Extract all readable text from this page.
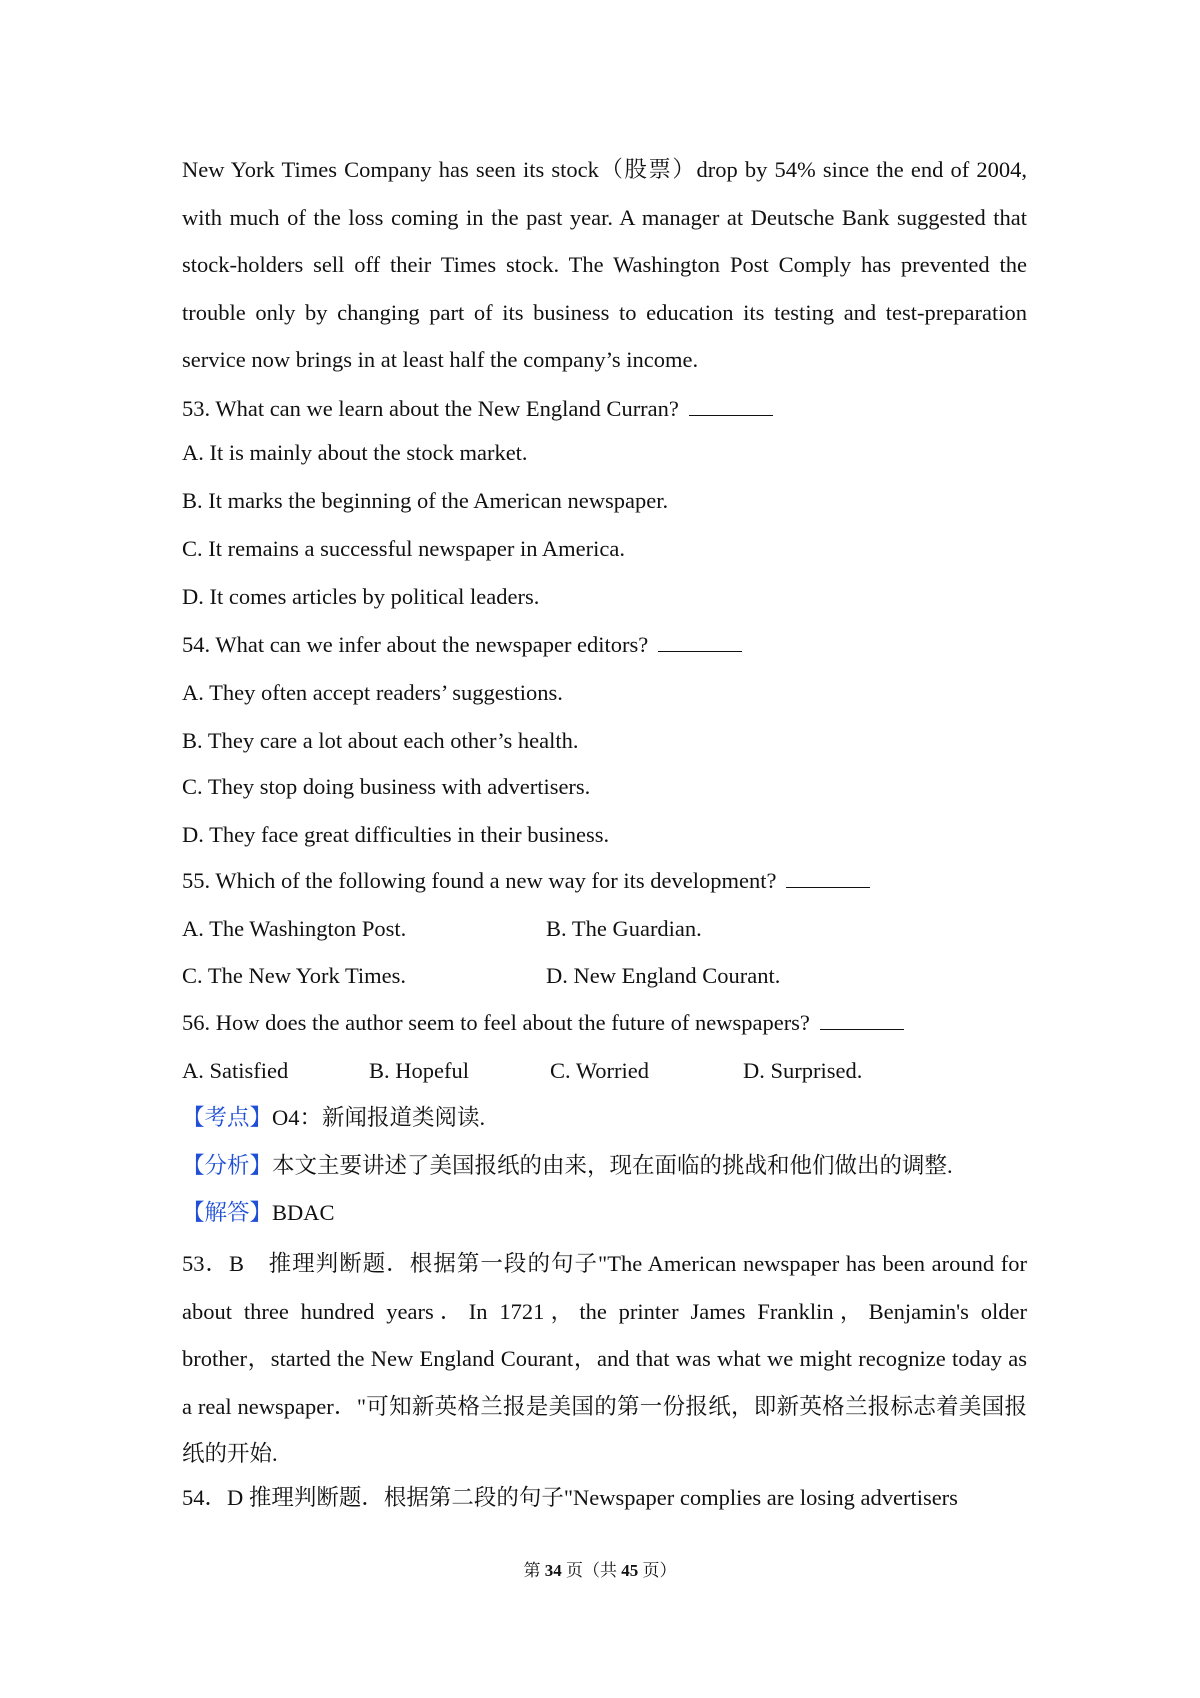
New York Times Company has seen its stock（股票）drop by 54% since the end of 2004, with much of the loss coming in the past year. A manager at Deutsche Bank suggested that stock-holders sell off their Times stock. The Washington Post Comply has prevented the trouble only by changing part of its business to education its testing and test-preparation service now brings in at least half the company’s income.
53. What can we learn about the New England Curran?
A. It is mainly about the stock market.
B. It marks the beginning of the American newspaper.
C. It remains a successful newspaper in America.
D. It comes articles by political leaders.
54. What can we infer about the newspaper editors?
A. They often accept readers’ suggestions.
B. They care a lot about each other’s health.
C. They stop doing business with advertisers.
D. They face great difficulties in their business.
55. Which of the following found a new way for its development?
A. The Washington Post.	B. The Guardian.
C. The New York Times.	D. New England Courant.
56. How does the author seem to feel about the future of newspapers?
A. Satisfied	B. Hopeful	C. Worried	D. Surprised.
【考点】O4：新闻报道类阅读.
【分析】本文主要讲述了美国报纸的由来，现在面临的挑战和他们做出的调整.
【解答】BDAC
53．B　推理判断题．根据第一段的句子"The American newspaper has been around for about three hundred years．In 1721，the printer James Franklin，Benjamin's older brother，started the New England Courant，and that was what we might recognize today as a real newspaper．"可知新英格兰报是美国的第一份报纸，即新英格兰报标志着美国报纸的开始.
54．D 推理判断题．根据第二段的句子"Newspaper complies are losing advertisers
第 34 页（共 45 页）
